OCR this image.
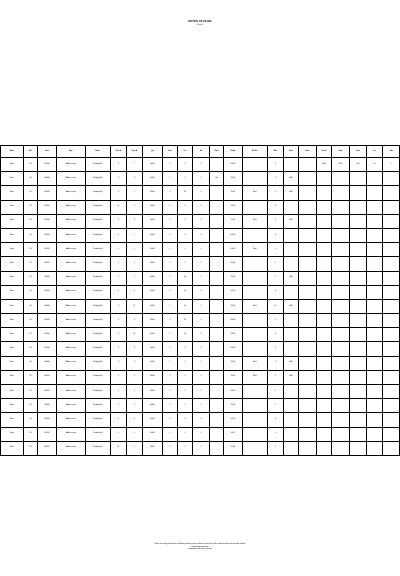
NOTICE OF FILING
(Cont.)
Name	Ref	Date	Type	Status	Code A	Code B	Qty	Amt	Dur	Val	Class	Grade	Ref No	Rate	Level	Units	Permit	Area	Zone	Lot	Sub
Name	KS	00/00/0	Address entry	Pending filed	0	1	00000	0	0	0		00000		0			00000	0000	000	00	0
Name	KS	00/00/0	Address entry	Pending filed	0	0	00000	0	0	0	Lien	00 00		0	0000						
Name	KS	00/00/0	Address entry	Pending filed	0	1	00000	0	00	0		00 00	Pend	0	0000						
Name	KS	00/00/0	Address entry	Pending filed	00	0	00000	0	0	0		00 00		0							
Name	KS	00/00/0	Address entry	Pending filed	0	0	00000	0	0	0		00 00	Pend	0	0000						
Name	KS	00/00/0	Address entry	Pending filed	0	1	00000	0	0	0		00000		0							
Name	KS	00/00/0	Address entry	Pending filed	0	1	00000	0	0	0		00000	Pend	0							
Name	KS	00/00/0	Address entry	Pending filed	0	0	00000	0	0	0		00 00		0							
Name	KS	00/00/0	Address entry	Pending filed	0	1	00000	0	00	0		00 00		0	0000						
Name	KS	00/00/0	Address entry	Pending filed	0	0	00000	0	00	0		00 00		0							
Name	KS	00/00/0	Address entry	Pending filed	0	10	00000	0	00	0		00 00	Pend	00	0000						
Name	KS	00/00/0	Address entry	Pending filed	0	0	00000	0	00	0		00000		0							
Name	KS	00/00/0	Address entry	Pending filed	0	00	00000	0	00	0		00000		0							
Name	KS	00/00/0	Address entry	Pending filed	0	0	00000	0	0	0		00000		0							
Name	KS	00/00/0	Address entry	Pending filed	0	0	00000	0	0	0		00 00	Pend	0	0000						
Name	KS	00/00/0	Address entry	Pending filed	0	0	00000	0	0	0		00 00	Pend	0	0000						
Name	KS	00/00/0	Address entry	Pending filed	0	0	00000	0	0	0		00000		0							
Name	KS	00/00/0	Address entry	Pending filed	0	0	00000	0	0	0		00 00		0							
Name	KS	00/00/0	Address entry	Pending filed	0	0	00000	0	0	0		00 00		0							
Name	KS	00/00/0	Address entry	Pending filed	0	0	00000	0	0	0		00 00		0							
Name	KS	00/00/0	Address entry	Pending filed	00	0	00000	0	0	0		00 00		0							
Notice is hereby given that the following instruments were filed of record in the office indicated above on the dates shown.
Filing number and date
Compiled by the office of record
